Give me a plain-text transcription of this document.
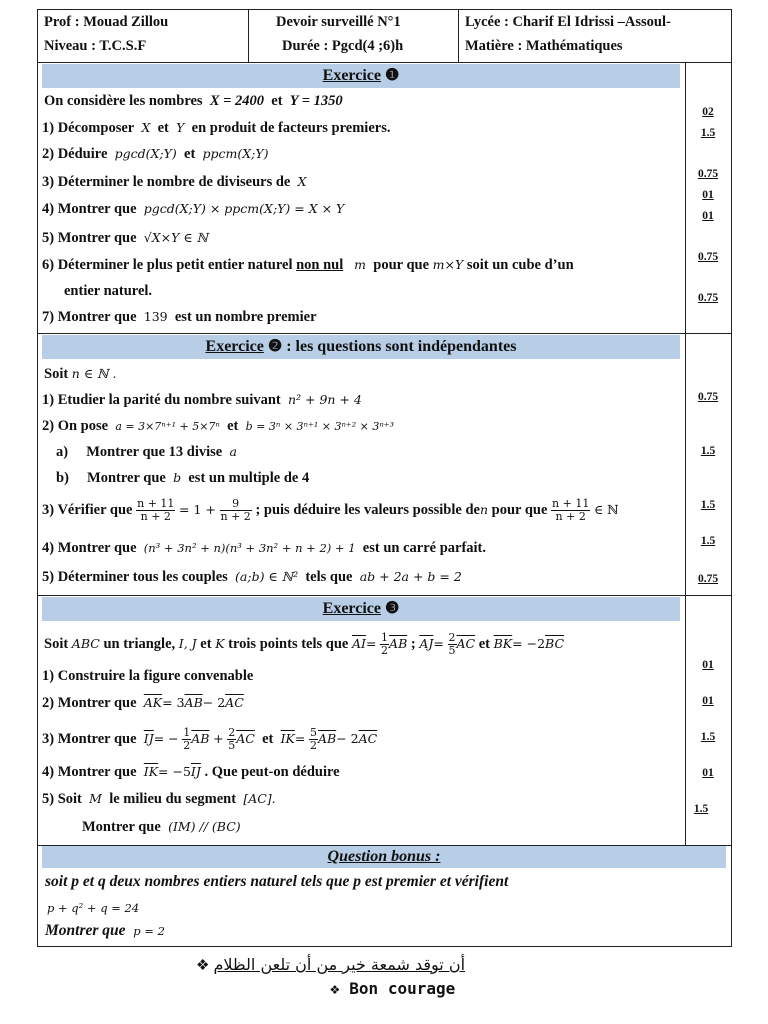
Prof : Mouad Zillou
Niveau : T.C.S.F
Devoir surveillé N°1
Durée : Pgcd(4 ;6)h
Lycée : Charif El Idrissi –Assoul-
Matière : Mathématiques
Exercice ❶
On considère les nombres X = 2400 et Y = 1350
1) Décomposer X et Y en produit de facteurs premiers.
2) Déduire pgcd(X;Y) et ppcm(X;Y)
3) Déterminer le nombre de diviseurs de X
4) Montrer que pgcd(X;Y) × ppcm(X;Y) = X × Y
5) Montrer que √X×Y ∈ ℕ
6) Déterminer le plus petit entier naturel non nul m pour que m×Y soit un cube d’un
entier naturel.
7) Montrer que 139 est un nombre premier
02
1.5
0.75
01
01
0.75
0.75
Exercice ❷ : les questions sont indépendantes
Soit n ∈ ℕ .
1) Etudier la parité du nombre suivant n² + 9n + 4
2) On pose a = 3×7ⁿ⁺¹ + 5×7ⁿ et b = 3ⁿ × 3ⁿ⁺¹ × 3ⁿ⁺² × 3ⁿ⁺³
a) Montrer que 13 divise a
b) Montrer que b est un multiple de 4
3) Vérifier que $\frac{n + 11}{n + 2} = 1 + \frac{9}{n + 2}$ ; puis déduire les valeurs possible den pour que $\frac{n + 11}{n + 2}$ ∈ ℕ
4) Montrer que (n³ + 3n² + n)(n³ + 3n² + n + 2) + 1 est un carré parfait.
5) Déterminer tous les couples (a;b) ∈ ℕ² tels que ab + 2a + b = 2
0.75
1.5
1.5
1.5
0.75
Exercice ❸
Soit ABC un triangle, I, J et K trois points tels que $\overline{AI}= \frac{1}{2} \overline{AB}$ ; $\overline{AJ}= \frac{2}{5} \overline{AC}$ et $\overline{BK}= -2\overline{BC}$
1) Construire la figure convenable
2) Montrer que $\overline{AK}= 3\overline{AB}- 2\overline{AC}$
3) Montrer que $\overline{IJ}= - \frac{1}{2} \overline{AB} + \frac{2}{5} \overline{AC}$ et $\overline{IK}= \frac{5}{2} \overline{AB}- 2\overline{AC}$
4) Montrer que $\overline{IK}= -5\overline{IJ}$ . Que peut-on déduire
5) Soit M le milieu du segment [AC].
Montrer que (IM) // (BC)
01
01
1.5
01
1.5
Question bonus :
soit p et q deux nombres entiers naturel tels que p est premier et vérifient
p + q² + q = 24
Montrer que p = 2
❖ أن توقد شمعة خير من أن تلعن الظلام
❖ Bon courage
